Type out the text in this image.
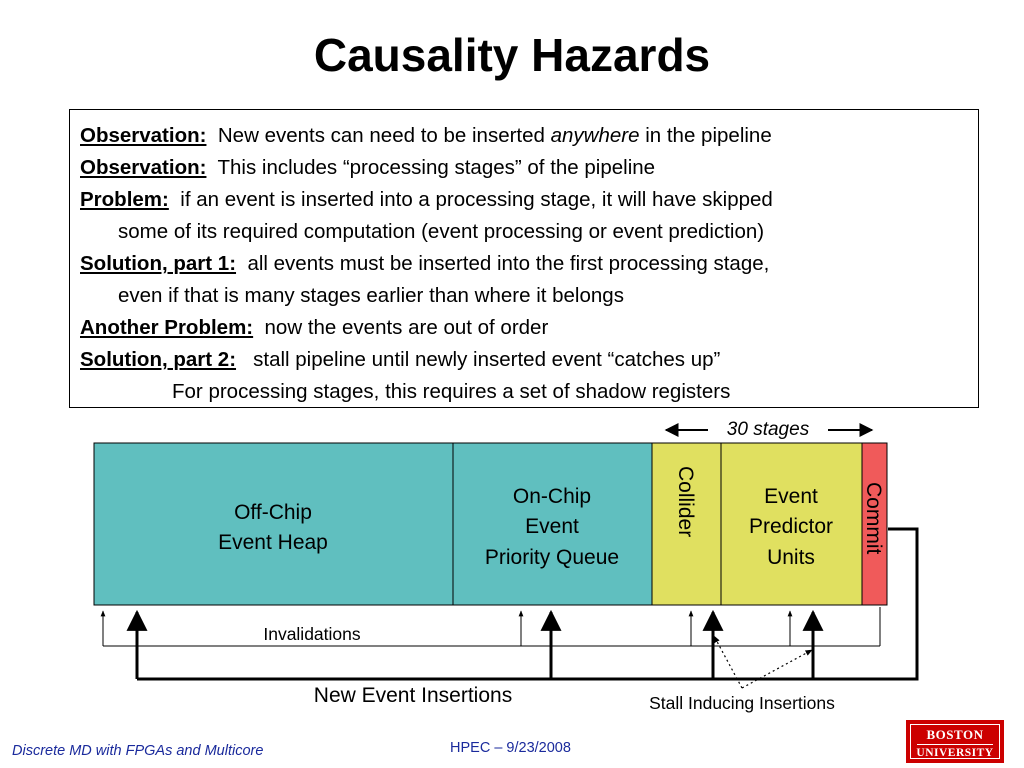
Causality Hazards
Observation: New events can need to be inserted anywhere in the pipeline
Observation: This includes “processing stages” of the pipeline
Problem: if an event is inserted into a processing stage, it will have skipped
some of its required computation (event processing or event prediction)
Solution, part 1: all events must be inserted into the first processing stage,
even if that is many stages earlier than where it belongs
Another Problem: now the events are out of order
Solution, part 2: stall pipeline until newly inserted event “catches up”
For processing stages, this requires a set of shadow registers
30 stages
Off-Chip
Event Heap
On-Chip
Event
Priority Queue
Event
Predictor
Units
Collider	Commit
Invalidations
New Event Insertions	Stall Inducing Insertions
Discrete MD with FPGAs and Multicore	HPEC – 9/23/2008
BOSTON
UNIVERSITY
